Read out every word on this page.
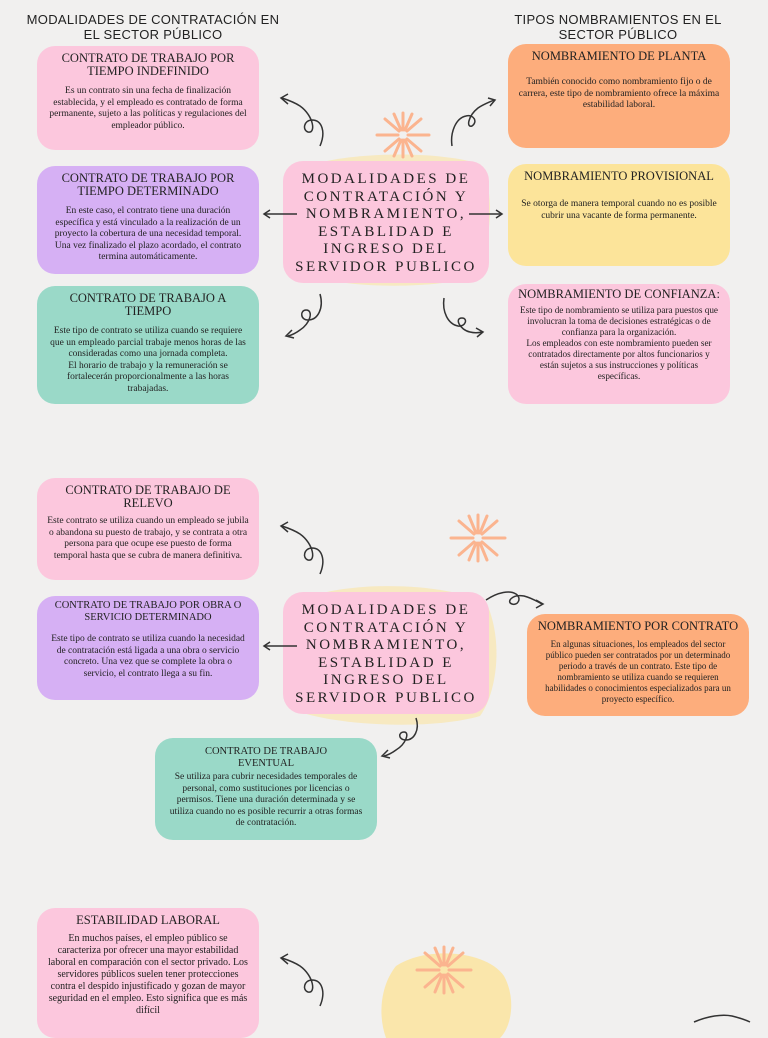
MODALIDADES DE CONTRATACIÓN EN EL SECTOR PÚBLICO
TIPOS NOMBRAMIENTOS EN EL SECTOR PÚBLICO
CONTRATO DE TRABAJO POR TIEMPO INDEFINIDO
Es un contrato sin una fecha de finalización establecida, y el empleado es contratado de forma permanente, sujeto a las políticas y regulaciones del empleador público.
CONTRATO DE TRABAJO POR TIEMPO DETERMINADO
En este caso, el contrato tiene una duración específica y está vinculado a la realización de un proyecto la cobertura de una necesidad temporal. Una vez finalizado el plazo acordado, el contrato termina automáticamente.
CONTRATO DE TRABAJO A TIEMPO
Este tipo de contrato se utiliza cuando se requiere que un empleado parcial trabaje menos horas de las consideradas como una jornada completa.
El horario de trabajo y la remuneración se fortalecerán proporcionalmente a las horas trabajadas.
NOMBRAMIENTO DE PLANTA
También conocido como nombramiento fijo o de carrera, este tipo de nombramiento ofrece la máxima estabilidad laboral.
NOMBRAMIENTO PROVISIONAL
Se otorga de manera temporal cuando no es posible cubrir una vacante de forma permanente.
NOMBRAMIENTO DE CONFIANZA:
Este tipo de nombramiento se utiliza para puestos que involucran la toma de decisiones estratégicas o de confianza para la organización.
Los empleados con este nombramiento pueden ser contratados directamente por altos funcionarios y están sujetos a sus instrucciones y políticas específicas.
MODALIDADES DE CONTRATACIÓN Y NOMBRAMIENTO, ESTABLIDAD E INGRESO DEL SERVIDOR PUBLICO
CONTRATO DE TRABAJO DE RELEVO
Este contrato se utiliza cuando un empleado se jubila o abandona su puesto de trabajo, y se contrata a otra persona para que ocupe ese puesto de forma temporal hasta que se cubra de manera definitiva.
CONTRATO DE TRABAJO POR OBRA O SERVICIO DETERMINADO
Este tipo de contrato se utiliza cuando la necesidad de contratación está ligada a una obra o servicio concreto. Una vez que se complete la obra o servicio, el contrato llega a su fin.
NOMBRAMIENTO POR CONTRATO
En algunas situaciones, los empleados del sector público pueden ser contratados por un determinado periodo a través de un contrato. Este tipo de nombramiento se utiliza cuando se requieren habilidades o conocimientos especializados para un proyecto específico.
CONTRATO DE TRABAJO EVENTUAL
Se utiliza para cubrir necesidades temporales de personal, como sustituciones por licencias o permisos. Tiene una duración determinada y se utiliza cuando no es posible recurrir a otras formas de contratación.
MODALIDADES DE CONTRATACIÓN Y NOMBRAMIENTO, ESTABLIDAD E INGRESO DEL SERVIDOR PUBLICO
ESTABILIDAD LABORAL
En muchos países, el empleo público se caracteriza por ofrecer una mayor estabilidad laboral en comparación con el sector privado. Los servidores públicos suelen tener protecciones contra el despido injustificado y gozan de mayor seguridad en el empleo. Esto significa que es más difícil
